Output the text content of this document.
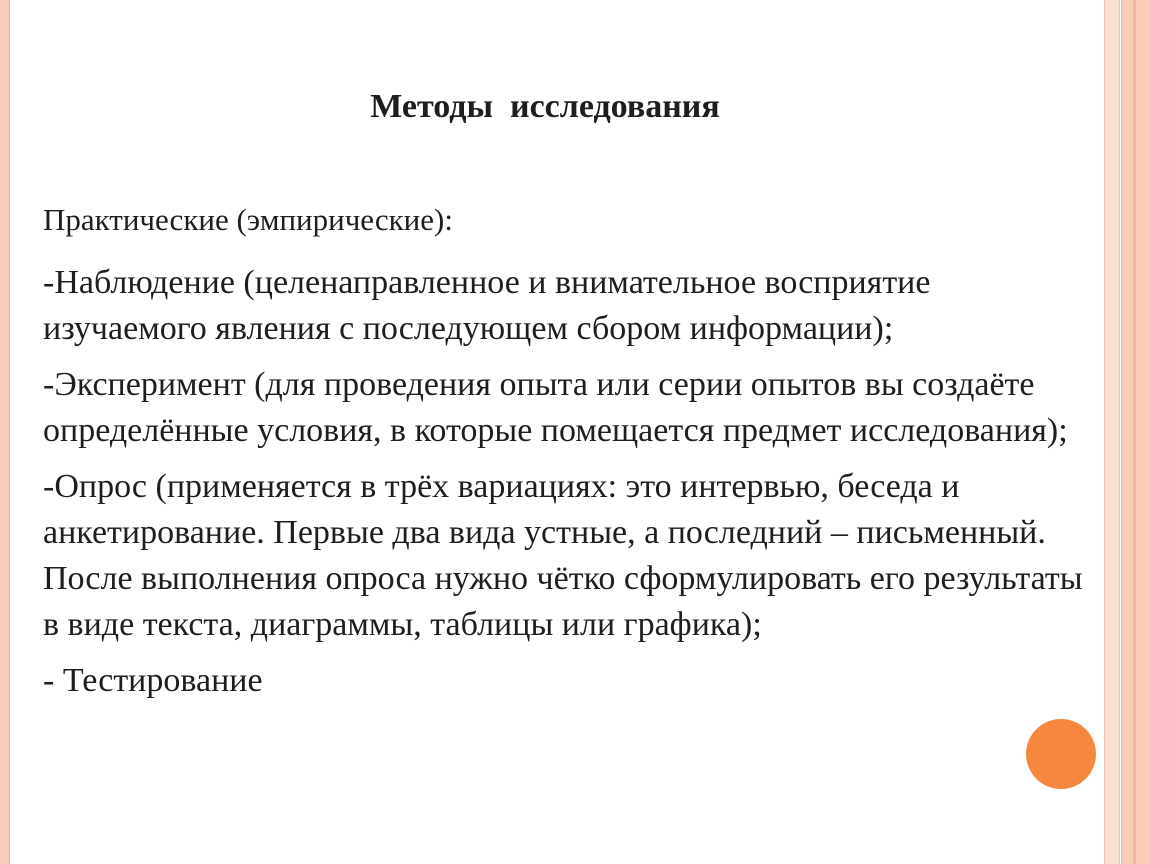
Методы  исследования

Практические (эмпирические):

-Наблюдение (целенаправленное и внимательное восприятие изучаемого явления с последующем сбором информации);

-Эксперимент (для проведения опыта или серии опытов вы создаёте определённые условия, в которые помещается предмет исследования);

-Опрос (применяется в трёх вариациях: это интервью, беседа и анкетирование. Первые два вида устные, а последний – письменный. После выполнения опроса нужно чётко сформулировать его результаты в виде текста, диаграммы, таблицы или графика);

- Тестирование
